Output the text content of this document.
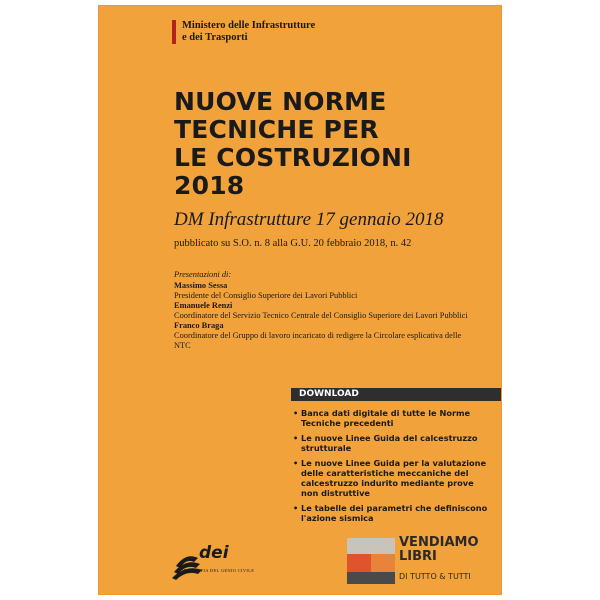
Ministero delle Infrastrutture
e dei Trasporti
NUOVE NORME
TECNICHE PER
LE COSTRUZIONI
2018
DM Infrastrutture 17 gennaio 2018
pubblicato su S.O. n. 8 alla G.U. 20 febbraio 2018, n. 42
Presentazioni di:
Massimo Sessa
Presidente del Consiglio Superiore dei Lavori Pubblici
Emanuele Renzi
Coordinatore del Servizio Tecnico Centrale del Consiglio Superiore dei Lavori Pubblici
Franco Braga
Coordinatore del Gruppo di lavoro incaricato di redigere la Circolare esplicativa delle NTC
DOWNLOAD
• Banca dati digitale di tutte le Norme Tecniche precedenti
• Le nuove Linee Guida del calcestruzzo strutturale
• Le nuove Linee Guida per la valutazione delle caratteristiche meccaniche del calcestruzzo indurito mediante prove non distruttive
• Le tabelle dei parametri che definiscono l'azione sismica
dei
TIPOGRAFIA DEL GENIO CIVILE
VENDIAMO
LIBRI
DI TUTTO & TUTTI
